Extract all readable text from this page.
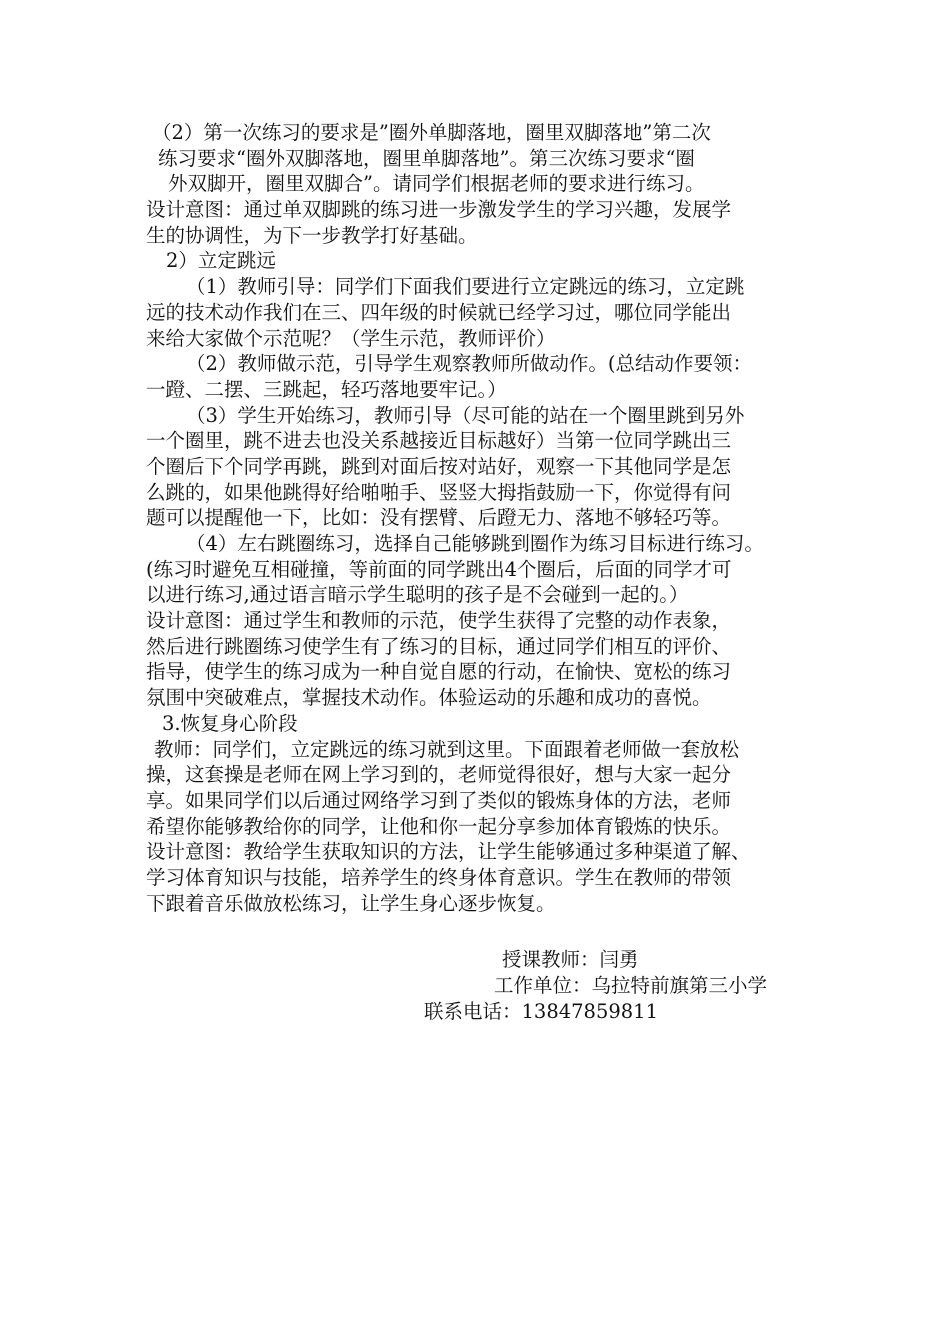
（2）第一次练习的要求是”圈外单脚落地，圈里双脚落地”第二次
练习要求“圈外双脚落地，圈里单脚落地”。第三次练习要求“圈
外双脚开，圈里双脚合”。请同学们根据老师的要求进行练习。
设计意图：通过单双脚跳的练习进一步激发学生的学习兴趣，发展学
生的协调性，为下一步教学打好基础。
2）立定跳远
（1）教师引导：同学们下面我们要进行立定跳远的练习，立定跳
远的技术动作我们在三、四年级的时候就已经学习过，哪位同学能出
来给大家做个示范呢？（学生示范，教师评价）
（2）教师做示范，引导学生观察教师所做动作。(总结动作要领：
一蹬、二摆、三跳起，轻巧落地要牢记。）
（3）学生开始练习，教师引导（尽可能的站在一个圈里跳到另外
一个圈里，跳不进去也没关系越接近目标越好）当第一位同学跳出三
个圈后下个同学再跳，跳到对面后按对站好，观察一下其他同学是怎
么跳的，如果他跳得好给啪啪手、竖竖大拇指鼓励一下，你觉得有问
题可以提醒他一下，比如：没有摆臂、后蹬无力、落地不够轻巧等。
（4）左右跳圈练习，选择自己能够跳到圈作为练习目标进行练习。
(练习时避免互相碰撞，等前面的同学跳出4个圈后，后面的同学才可
以进行练习,通过语言暗示学生聪明的孩子是不会碰到一起的。）
设计意图：通过学生和教师的示范，使学生获得了完整的动作表象，
然后进行跳圈练习使学生有了练习的目标，通过同学们相互的评价、
指导，使学生的练习成为一种自觉自愿的行动，在愉快、宽松的练习
氛围中突破难点，掌握技术动作。体验运动的乐趣和成功的喜悦。
3.恢复身心阶段
教师：同学们，立定跳远的练习就到这里。下面跟着老师做一套放松
操，这套操是老师在网上学习到的，老师觉得很好，想与大家一起分
享。如果同学们以后通过网络学习到了类似的锻炼身体的方法，老师
希望你能够教给你的同学，让他和你一起分享参加体育锻炼的快乐。
设计意图：教给学生获取知识的方法，让学生能够通过多种渠道了解、
学习体育知识与技能，培养学生的终身体育意识。学生在教师的带领
下跟着音乐做放松练习，让学生身心逐步恢复。
授课教师：闫勇
工作单位：乌拉特前旗第三小学
联系电话：13847859811
